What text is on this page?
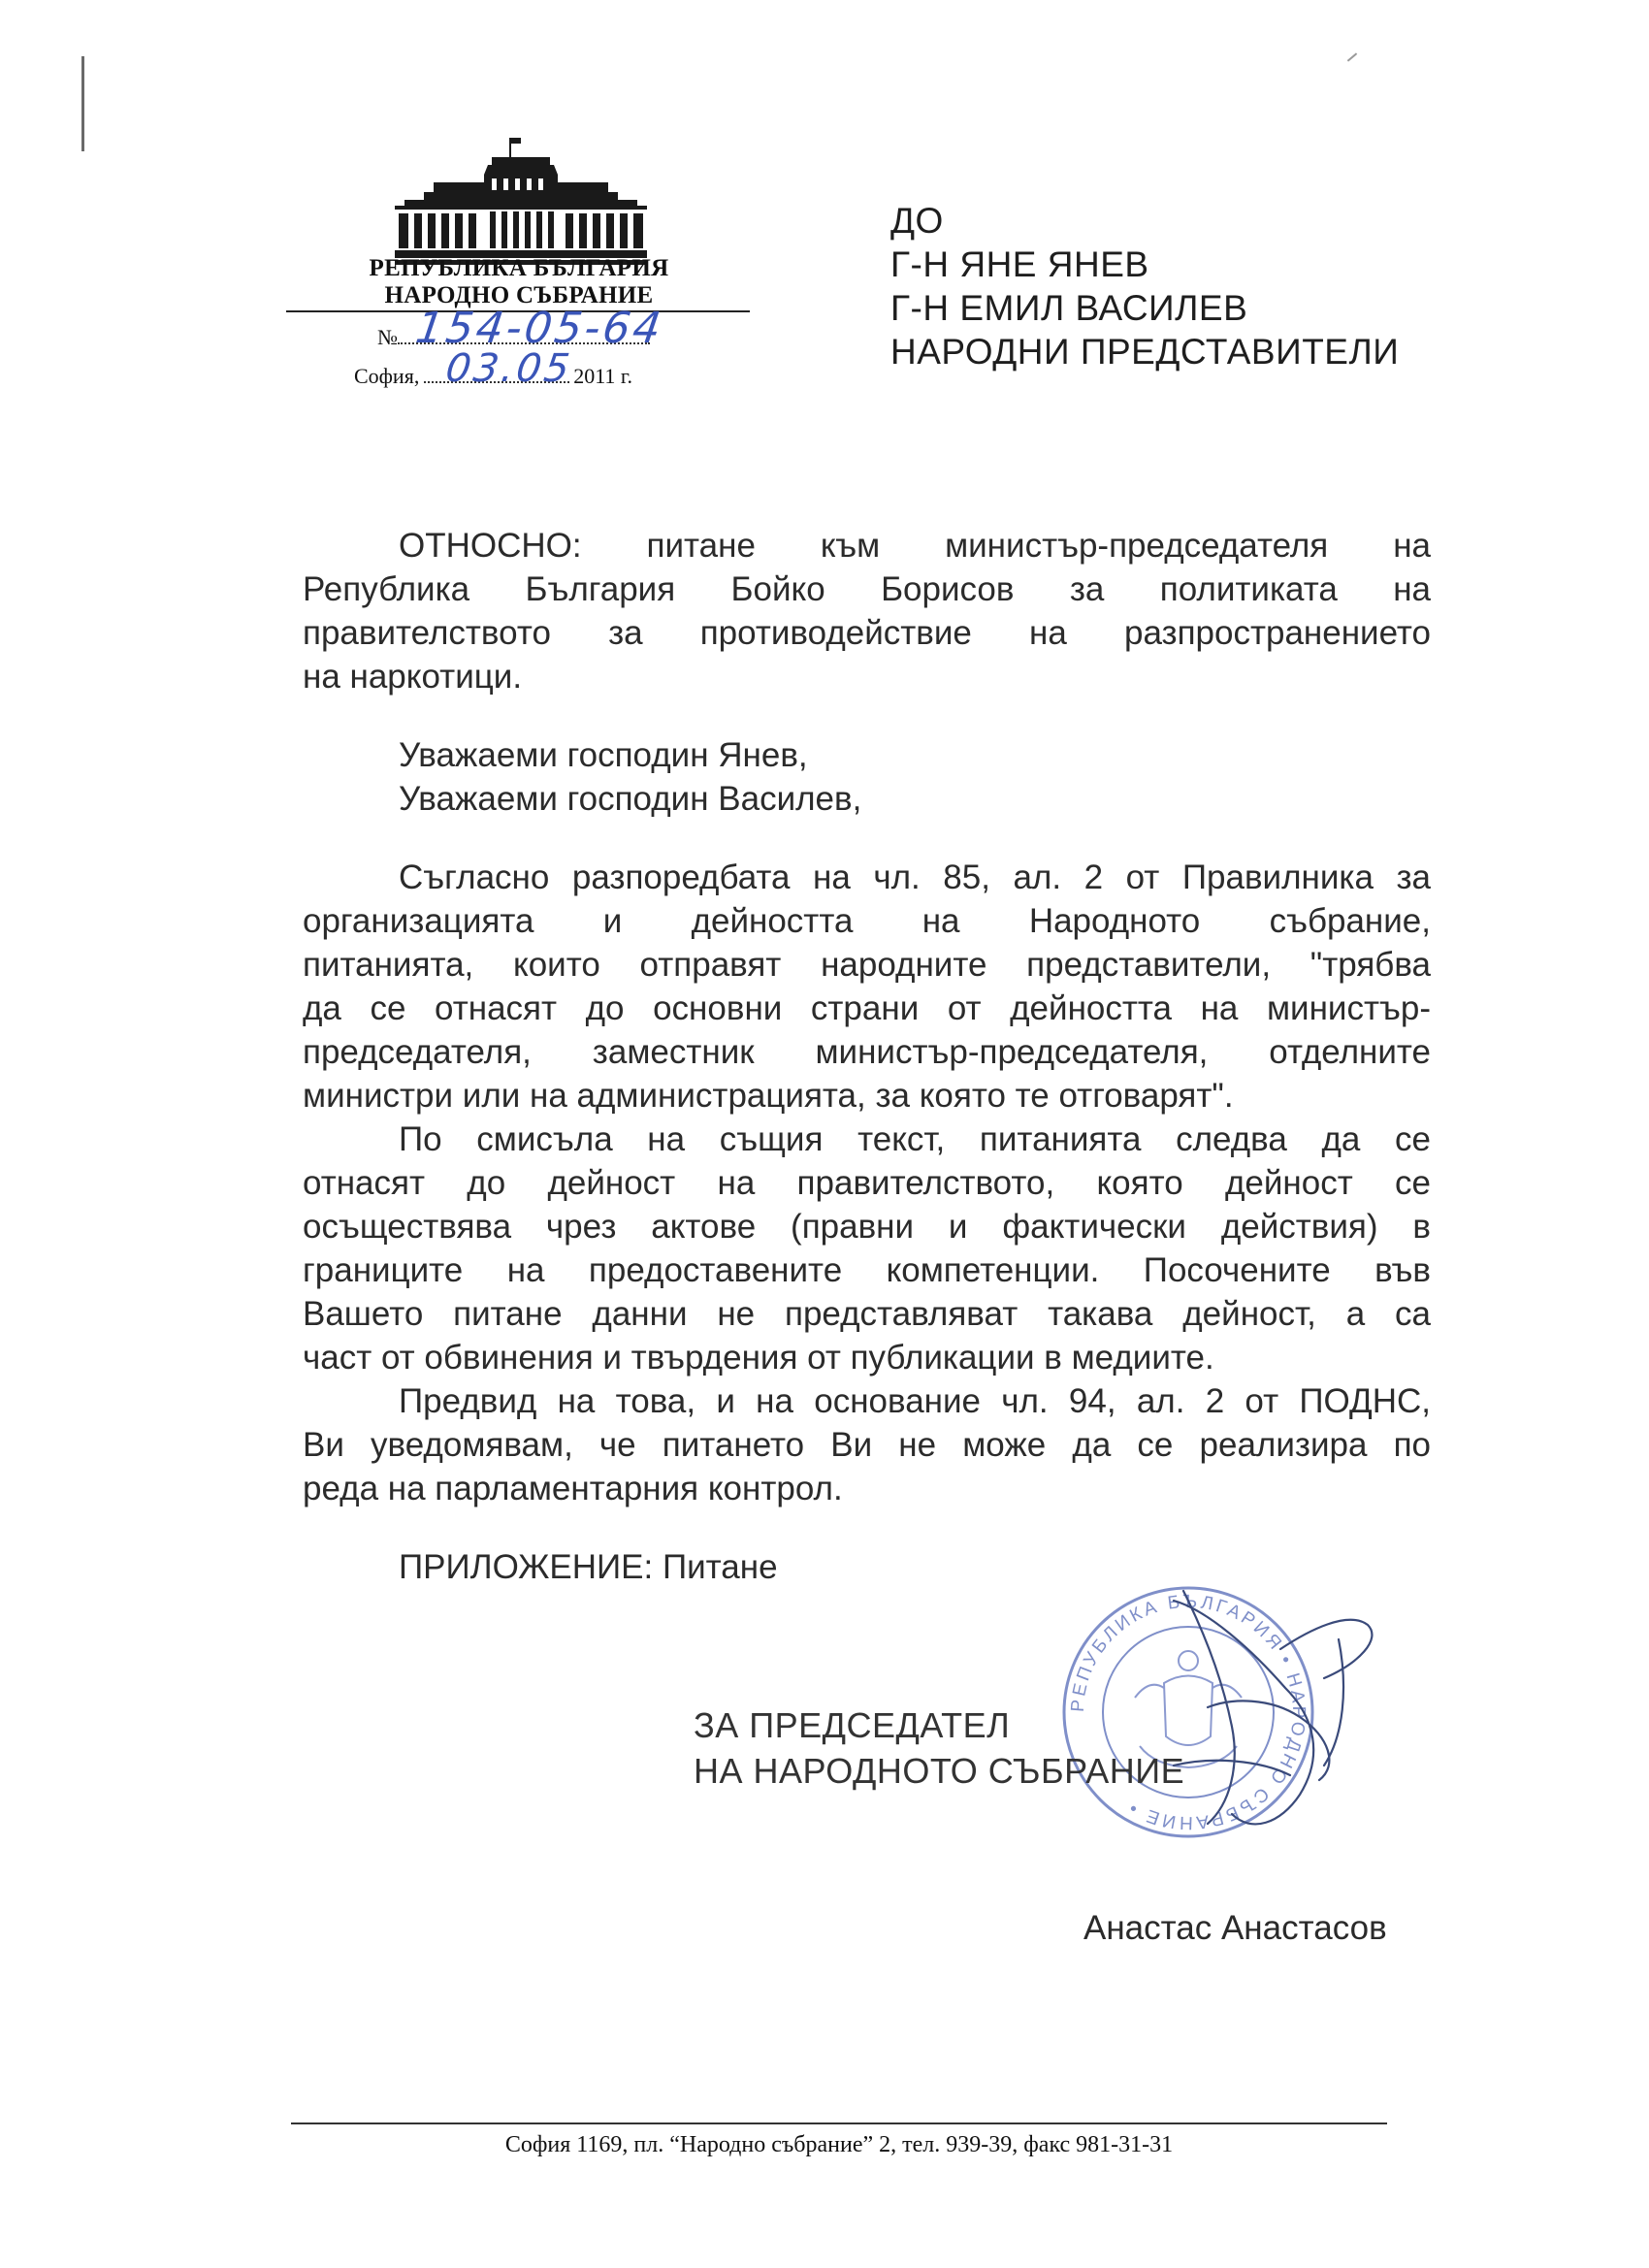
РЕПУБЛИКА БЪЛГАРИЯ
НАРОДНО СЪБРАНИЕ
№ 154-05-64
София,	2011 г.
03.05
ДО
Г-Н ЯНЕ ЯНЕВ
Г-Н ЕМИЛ ВАСИЛЕВ
НАРОДНИ ПРЕДСТАВИТЕЛИ
ОТНОСНО: питане към министър-председателя на
Република България Бойко Борисов за политиката на
правителството за противодействие на разпространението
на наркотици.
Уважаеми господин Янев,
Уважаеми господин Василев,
Съгласно разпоредбата на чл. 85, ал. 2 от Правилника за
организацията и дейността на Народното събрание,
питанията, които отправят народните представители, "трябва
да се отнасят до основни страни от дейността на министър-
председателя, заместник министър-председателя, отделните
министри или на администрацията, за която те отговарят".
По смисъла на същия текст, питанията следва да се
отнасят до дейност на правителството, която дейност се
осъществява чрез актове (правни и фактически действия) в
границите на предоставените компетенции. Посочените във
Вашето питане данни не представляват такава дейност, а са
част от обвинения и твърдения от публикации в медиите.
Предвид на това, и на основание чл. 94, ал. 2 от ПОДНС,
Ви уведомявам, че питането Ви не може да се реализира по
реда на парламентарния контрол.
ПРИЛОЖЕНИЕ: Питане
РЕПУБЛИКА БЪЛГАРИЯ • НАРОДНО СЪБРАНИЕ •
ЗА ПРЕДСЕДАТЕЛ
НА НАРОДНОТО СЪБРАНИЕ
Анастас Анастасов
София 1169, пл. “Народно събрание” 2, тел. 939-39, факс 981-31-31
